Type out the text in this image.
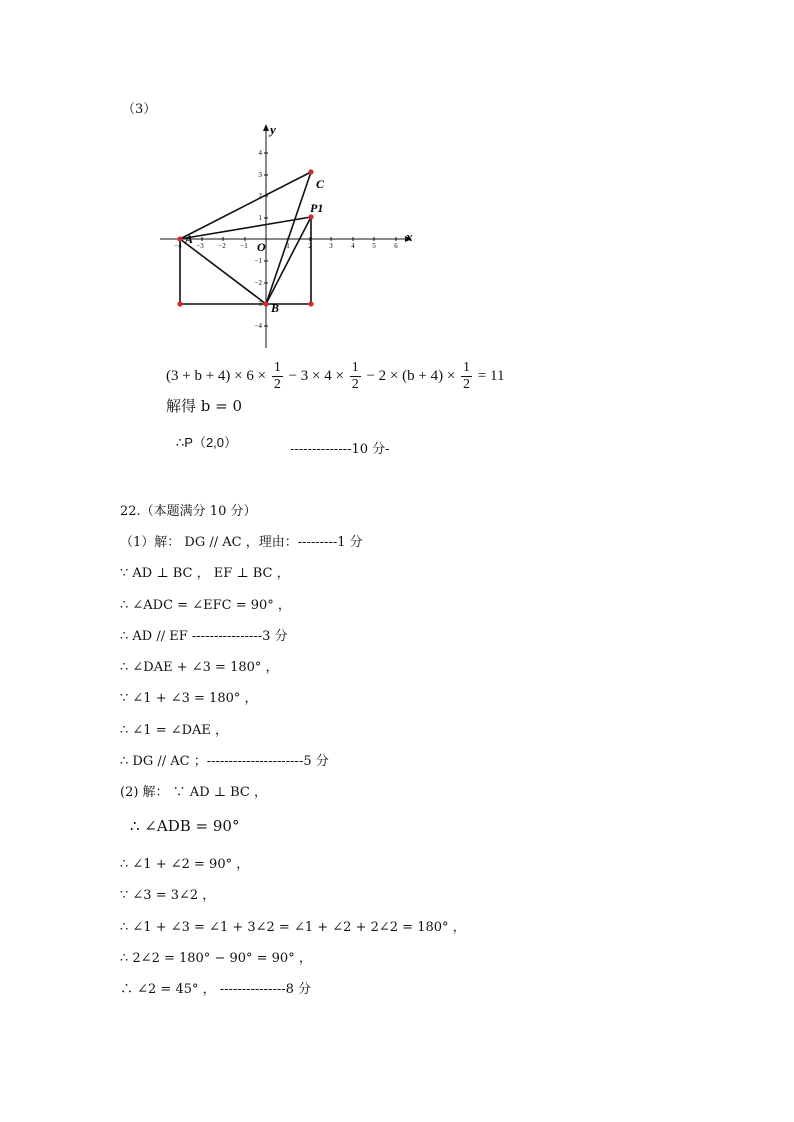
（3）
x
y
O
−4 −3 −2 −1	1	2	3	4	5	6
4
3
2
1
−1
−2
−3
−4
A
C
P1
B
$(3 + b + 4) \times 6 \times \frac{1}{2} - 3 \times 4 \times \frac{1}{2} - 2 \times (b + 4) \times \frac{1}{2} = 11$
解得 b = 0
∴P（2,0）	--------------10 分-
22.（本题满分 10 分）
（1）解： DG // AC ，理由：---------1 分
∵ AD ⊥ BC ， EF ⊥ BC ，
∴ ∠ADC = ∠EFC = 90° ，
∴ AD // EF ----------------3 分
∴ ∠DAE + ∠3 = 180° ，
∵ ∠1 + ∠3 = 180° ，
∴ ∠1 = ∠DAE ，
∴ DG // AC ；----------------------5 分
(2) 解： ∵ AD ⊥ BC ，
∴ ∠ADB = 90°
∴ ∠1 + ∠2 = 90° ，
∵ ∠3 = 3∠2 ，
∴ ∠1 + ∠3 = ∠1 + 3∠2 = ∠1 + ∠2 + 2∠2 = 180° ，
∴ 2∠2 = 180° − 90° = 90° ，
∴ ∠2 = 45° ， ---------------8 分
